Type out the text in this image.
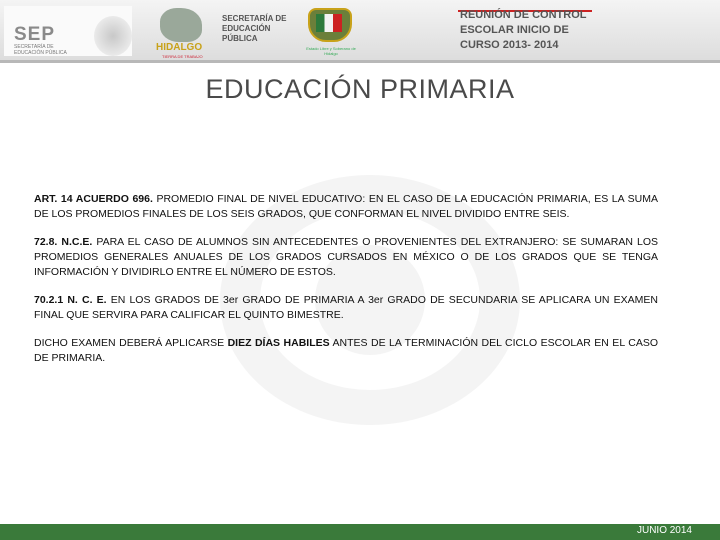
SEP
SECRETARÍA DE EDUCACIÓN PÚBLICA	HIDALGO
TIERRA DE TRABAJO
SECRETARÍA DE
EDUCACIÓN
PÚBLICA
Estado Libre y Soberano de Hidalgo
REUNIÓN DE CONTROL
ESCOLAR INICIO DE
CURSO 2013- 2014
EDUCACIÓN PRIMARIA

ART. 14 ACUERDO 696. PROMEDIO FINAL DE NIVEL EDUCATIVO: EN EL CASO DE LA EDUCACIÓN PRIMARIA, ES LA SUMA DE LOS PROMEDIOS FINALES DE LOS SEIS GRADOS, QUE CONFORMAN EL NIVEL DIVIDIDO ENTRE SEIS.

72.8. N.C.E. PARA EL CASO DE ALUMNOS SIN ANTECEDENTES O PROVENIENTES DEL EXTRANJERO: SE SUMARAN LOS PROMEDIOS GENERALES ANUALES DE LOS GRADOS CURSADOS EN MÉXICO O DE LOS GRADOS QUE SE TENGA INFORMACIÓN Y DIVIDIRLO ENTRE EL NÚMERO DE ESTOS.

70.2.1 N. C. E. EN LOS GRADOS DE 3er GRADO DE PRIMARIA A 3er GRADO DE SECUNDARIA SE APLICARA UN EXAMEN FINAL QUE SERVIRA PARA CALIFICAR EL QUINTO BIMESTRE.

DICHO EXAMEN DEBERÁ APLICARSE DIEZ DÍAS HABILES ANTES DE LA TERMINACIÓN DEL CICLO ESCOLAR EN EL CASO DE PRIMARIA.

JUNIO 2014
